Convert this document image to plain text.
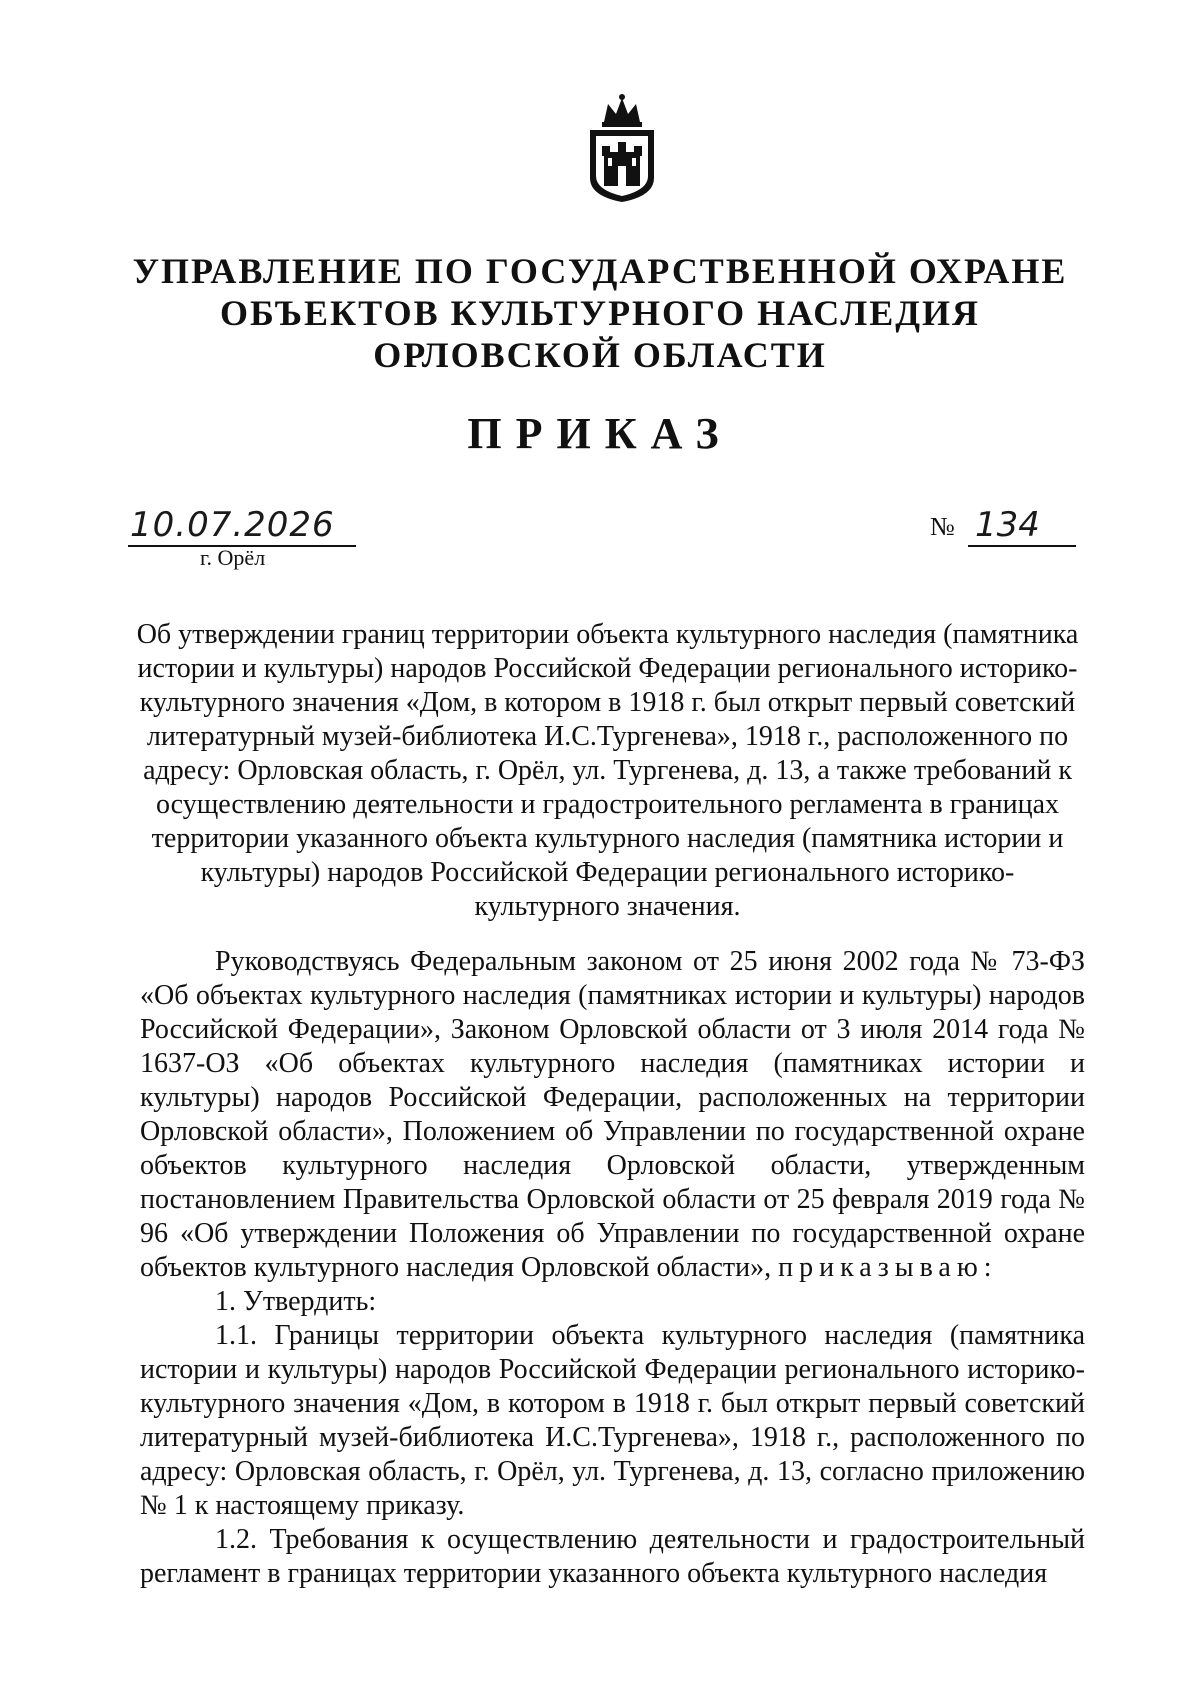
УПРАВЛЕНИЕ ПО ГОСУДАРСТВЕННОЙ ОХРАНЕ
ОБЪЕКТОВ КУЛЬТУРНОГО НАСЛЕДИЯ
ОРЛОВСКОЙ ОБЛАСТИ
ПРИКАЗ
10.07.2026
г. Орёл
№ 134
Об утверждении границ территории объекта культурного наследия (памятника истории и культуры) народов Российской Федерации регионального историко-культурного значения «Дом, в котором в 1918 г. был открыт первый советский литературный музей-библиотека И.С.Тургенева», 1918 г., расположенного по адресу: Орловская область, г. Орёл, ул. Тургенева, д. 13, а также требований к осуществлению деятельности и градостроительного регламента в границах территории указанного объекта культурного наследия (памятника истории и культуры) народов Российской Федерации регионального историко-культурного значения.

Руководствуясь Федеральным законом от 25 июня 2002 года № 73-ФЗ «Об объектах культурного наследия (памятниках истории и культуры) народов Российской Федерации», Законом Орловской области от 3 июля 2014 года № 1637-ОЗ «Об объектах культурного наследия (памятниках истории и культуры) народов Российской Федерации, расположенных на территории Орловской области», Положением об Управлении по государственной охране объектов культурного наследия Орловской области, утвержденным постановлением Правительства Орловской области от 25 февраля 2019 года № 96 «Об утверждении Положения об Управлении по государственной охране объектов культурного наследия Орловской области», приказываю:

1. Утвердить:

1.1. Границы территории объекта культурного наследия (памятника истории и культуры) народов Российской Федерации регионального историко-культурного значения «Дом, в котором в 1918 г. был открыт первый советский литературный музей-библиотека И.С.Тургенева», 1918 г., расположенного по адресу: Орловская область, г. Орёл, ул. Тургенева, д. 13, согласно приложению № 1 к настоящему приказу.

1.2. Требования к осуществлению деятельности и градостроительный регламент в границах территории указанного объекта культурного наследия
